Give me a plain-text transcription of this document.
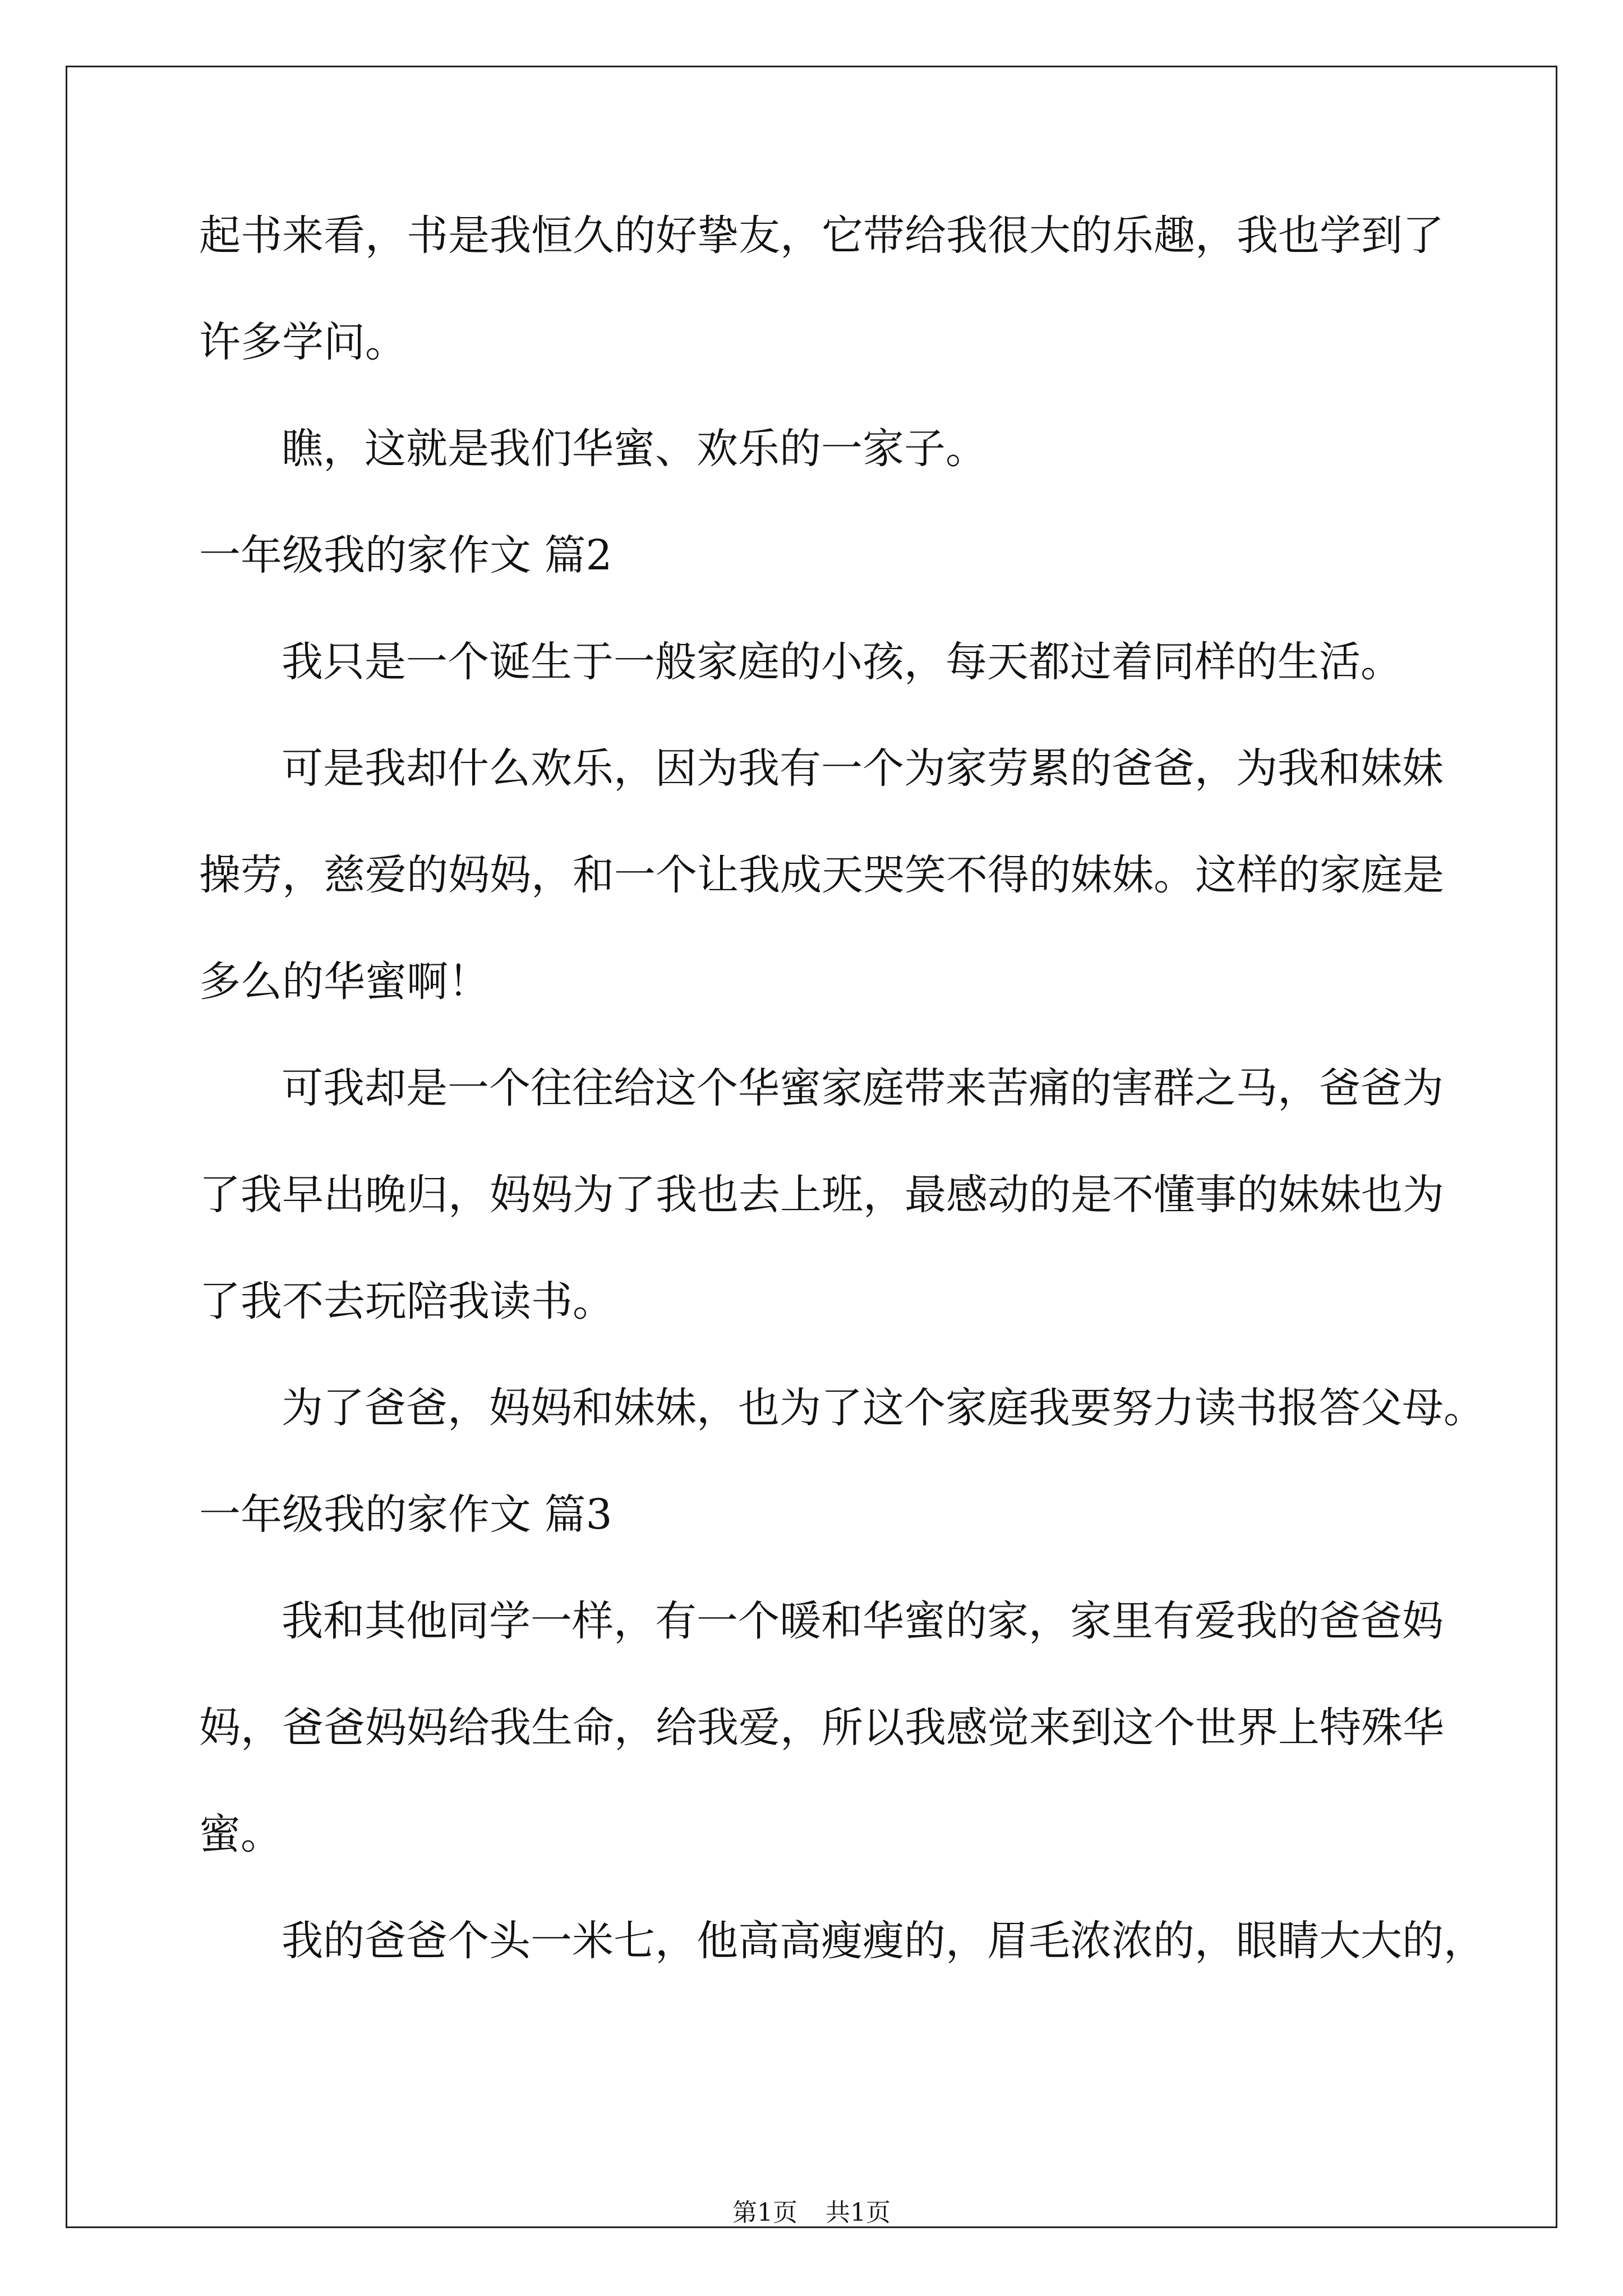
起书来看，书是我恒久的好挚友，它带给我很大的乐趣，我也学到了

许多学问。

瞧，这就是我们华蜜、欢乐的一家子。

一年级我的家作文 篇2

我只是一个诞生于一般家庭的小孩，每天都过着同样的生活。

可是我却什么欢乐，因为我有一个为家劳累的爸爸，为我和妹妹

操劳，慈爱的妈妈，和一个让我成天哭笑不得的妹妹。这样的家庭是

多么的华蜜啊！

可我却是一个往往给这个华蜜家庭带来苦痛的害群之马，爸爸为

了我早出晚归，妈妈为了我也去上班，最感动的是不懂事的妹妹也为

了我不去玩陪我读书。

为了爸爸，妈妈和妹妹，也为了这个家庭我要努力读书报答父母。

一年级我的家作文 篇3

我和其他同学一样，有一个暖和华蜜的家，家里有爱我的爸爸妈

妈，爸爸妈妈给我生命，给我爱，所以我感觉来到这个世界上特殊华

蜜。

我的爸爸个头一米七，他高高瘦瘦的，眉毛浓浓的，眼睛大大的，

第1页 共1页
